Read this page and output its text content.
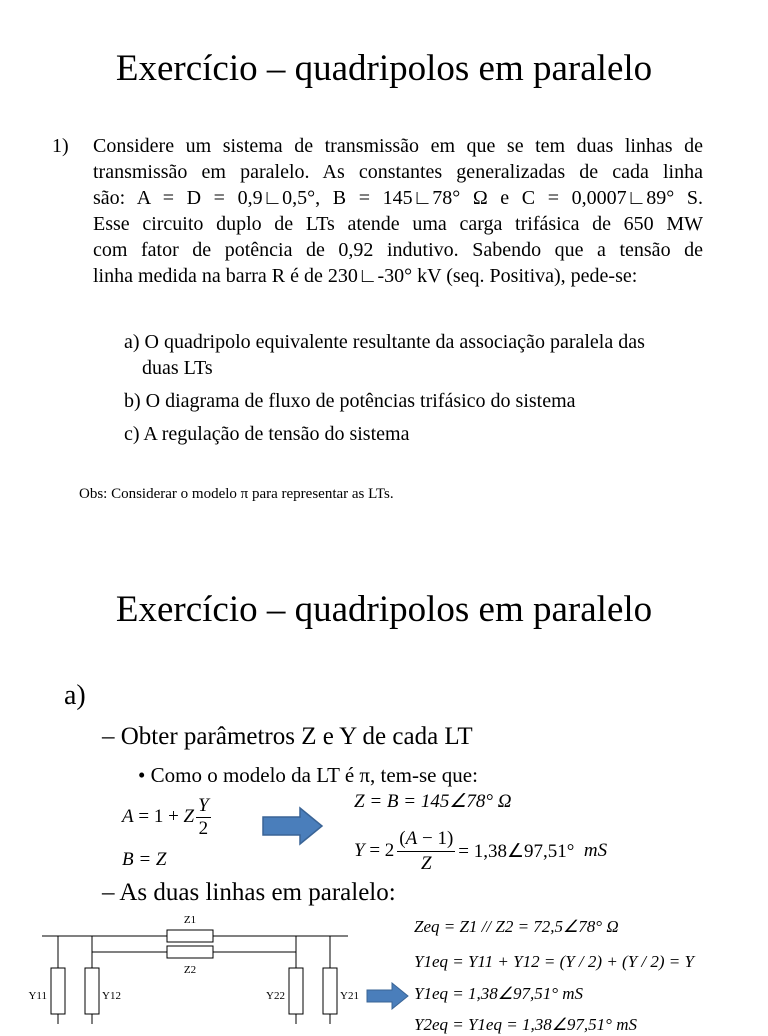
Exercício – quadripolos em paralelo
1) Considere um sistema de transmissão em que se tem duas linhas de
transmissão em paralelo. As constantes generalizadas de cada linha
são: A = D = 0,9∟0,5°, B = 145∟78° Ω e C = 0,0007∟89° S.
Esse circuito duplo de LTs atende uma carga trifásica de 650 MW
com fator de potência de 0,92 indutivo. Sabendo que a tensão de
linha medida na barra R é de 230∟-30° kV (seq. Positiva), pede-se:
a) O quadripolo equivalente resultante da associação paralela das
duas LTs
b) O diagrama de fluxo de potências trifásico do sistema
c) A regulação de tensão do sistema
Obs: Considerar o modelo π para representar as LTs.
Exercício – quadripolos em paralelo
a)
– Obter parâmetros Z e Y de cada LT
• Como o modelo da LT é π, tem-se que:
A = 1 + Z
Y
2
B = Z
Z = B = 145∠78° Ω
$Y = 2 \frac{(A - 1)}{Z}$ = 1,38∠97,51° mS
– As duas linhas em paralelo:
Z1
Z2
Y11	Y12	Y22	Y21
Zeq = Z1 // Z2 = 72,5∠78° Ω
Y1eq = Y11 + Y12 = (Y / 2) + (Y / 2) = Y
Y1eq = 1,38∠97,51° mS
Y2eq = Y1eq = 1,38∠97,51° mS
